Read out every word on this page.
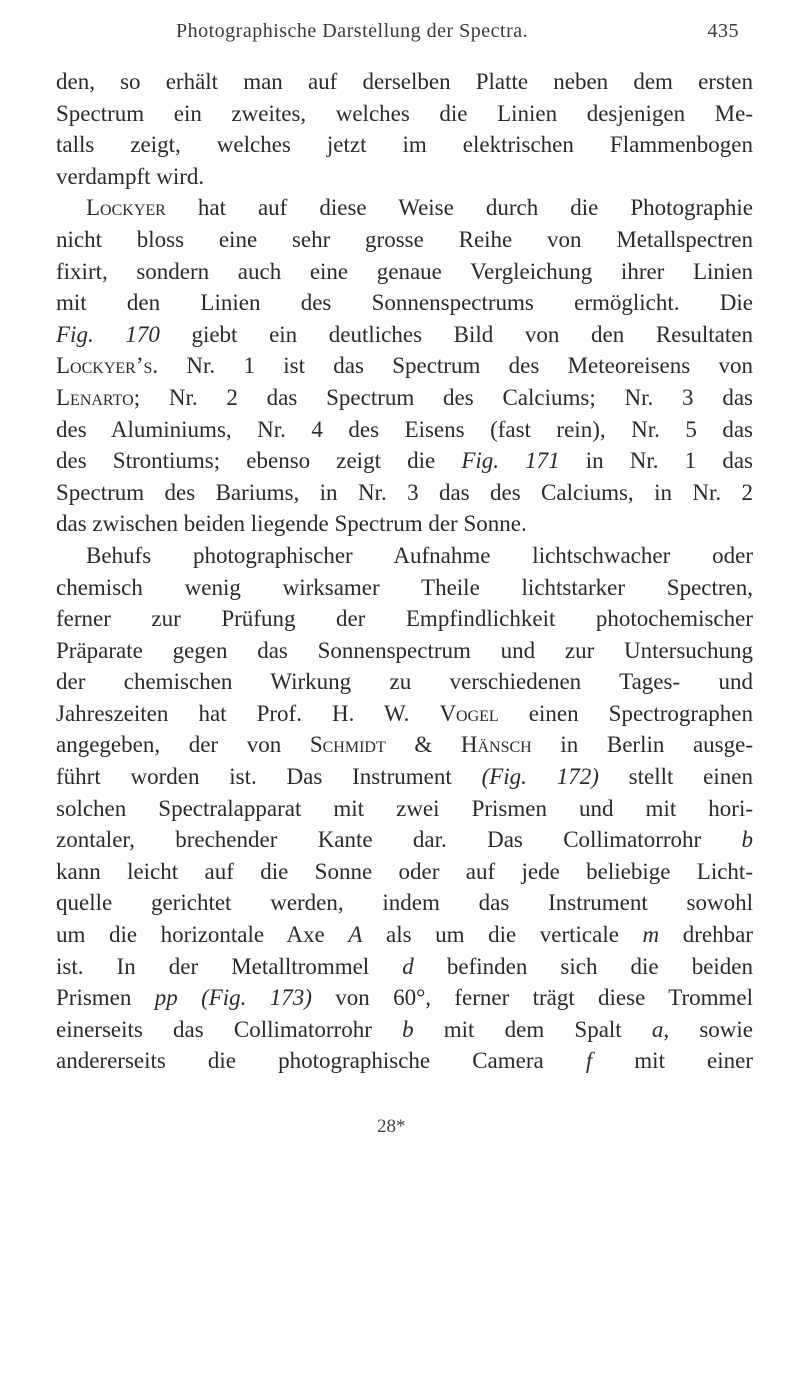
Photographische Darstellung der Spectra.	435
den, so erhält man auf derselben Platte neben dem ersten
Spectrum ein zweites, welches die Linien desjenigen Me-
talls zeigt, welches jetzt im elektrischen Flammenbogen
verdampft wird.
Lockyer hat auf diese Weise durch die Photographie
nicht bloss eine sehr grosse Reihe von Metallspectren
fixirt, sondern auch eine genaue Vergleichung ihrer Linien
mit den Linien des Sonnenspectrums ermöglicht. Die
Fig. 170 giebt ein deutliches Bild von den Resultaten
Lockyer’s. Nr. 1 ist das Spectrum des Meteoreisens von
Lenarto; Nr. 2 das Spectrum des Calciums; Nr. 3 das
des Aluminiums, Nr. 4 des Eisens (fast rein), Nr. 5 das
des Strontiums; ebenso zeigt die Fig. 171 in Nr. 1 das
Spectrum des Bariums, in Nr. 3 das des Calciums, in Nr. 2
das zwischen beiden liegende Spectrum der Sonne.
Behufs photographischer Aufnahme lichtschwacher oder
chemisch wenig wirksamer Theile lichtstarker Spectren,
ferner zur Prüfung der Empfindlichkeit photochemischer
Präparate gegen das Sonnenspectrum und zur Untersuchung
der chemischen Wirkung zu verschiedenen Tages- und
Jahreszeiten hat Prof. H. W. Vogel einen Spectrographen
angegeben, der von Schmidt & Hänsch in Berlin ausge-
führt worden ist. Das Instrument (Fig. 172) stellt einen
solchen Spectralapparat mit zwei Prismen und mit hori-
zontaler, brechender Kante dar. Das Collimatorrohr b
kann leicht auf die Sonne oder auf jede beliebige Licht-
quelle gerichtet werden, indem das Instrument sowohl
um die horizontale Axe A als um die verticale m drehbar
ist. In der Metalltrommel d befinden sich die beiden
Prismen pp (Fig. 173) von 60°, ferner trägt diese Trommel
einerseits das Collimatorrohr b mit dem Spalt a, sowie
andererseits die photographische Camera f mit einer
28*
